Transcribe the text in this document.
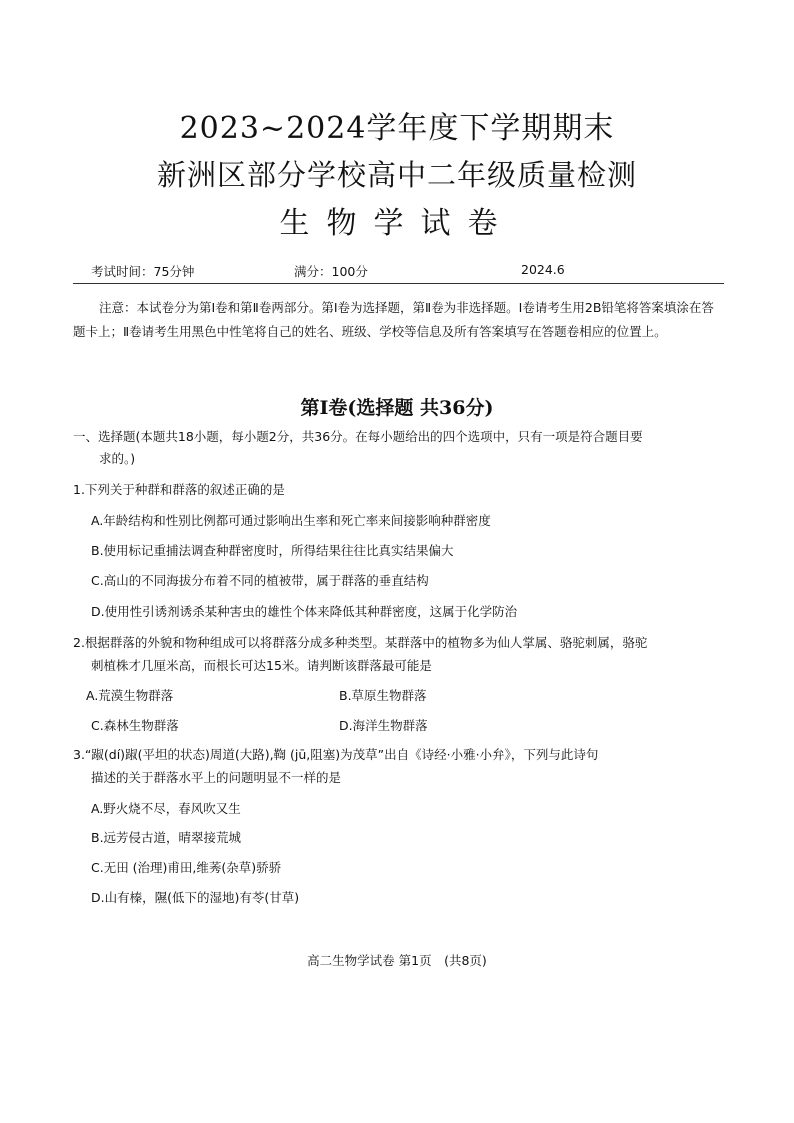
2023~2024学年度下学期期末
新洲区部分学校高中二年级质量检测
生物学试卷
考试时间：75分钟	满分：100分	2024.6
注意：本试卷分为第Ⅰ卷和第Ⅱ卷两部分。第Ⅰ卷为选择题，第Ⅱ卷为非选择题。Ⅰ卷请考生用2B铅笔将答案填涂在答题卡上；Ⅱ卷请考生用黑色中性笔将自己的姓名、班级、学校等信息及所有答案填写在答题卷相应的位置上。
第Ⅰ卷(选择题 共36分)
一、选择题(本题共18小题，每小题2分，共36分。在每小题给出的四个选项中，只有一项是符合题目要
求的。)
1.下列关于种群和群落的叙述正确的是
A.年龄结构和性别比例都可通过影响出生率和死亡率来间接影响种群密度
B.使用标记重捕法调查种群密度时，所得结果往往比真实结果偏大
C.高山的不同海拔分布着不同的植被带，属于群落的垂直结构
D.使用性引诱剂诱杀某种害虫的雄性个体来降低其种群密度，这属于化学防治
2.根据群落的外貌和物种组成可以将群落分成多种类型。某群落中的植物多为仙人掌属、骆驼刺属，骆驼
刺植株才几厘米高，而根长可达15米。请判断该群落最可能是
A.荒漠生物群落	B.草原生物群落
C.森林生物群落	D.海洋生物群落
3.“踧(dí)踧(平坦的状态)周道(大路),鞫 (jū,阻塞)为茂草”出自《诗经·小雅·小弁》，下列与此诗句
描述的关于群落水平上的问题明显不一样的是
A.野火烧不尽，春风吹又生
B.远芳侵古道，晴翠接荒城
C.无田 (治理)甫田,维莠(杂草)骄骄
D.山有榛，隰(低下的湿地)有苓(甘草)
高二生物学试卷 第1页　(共8页)
